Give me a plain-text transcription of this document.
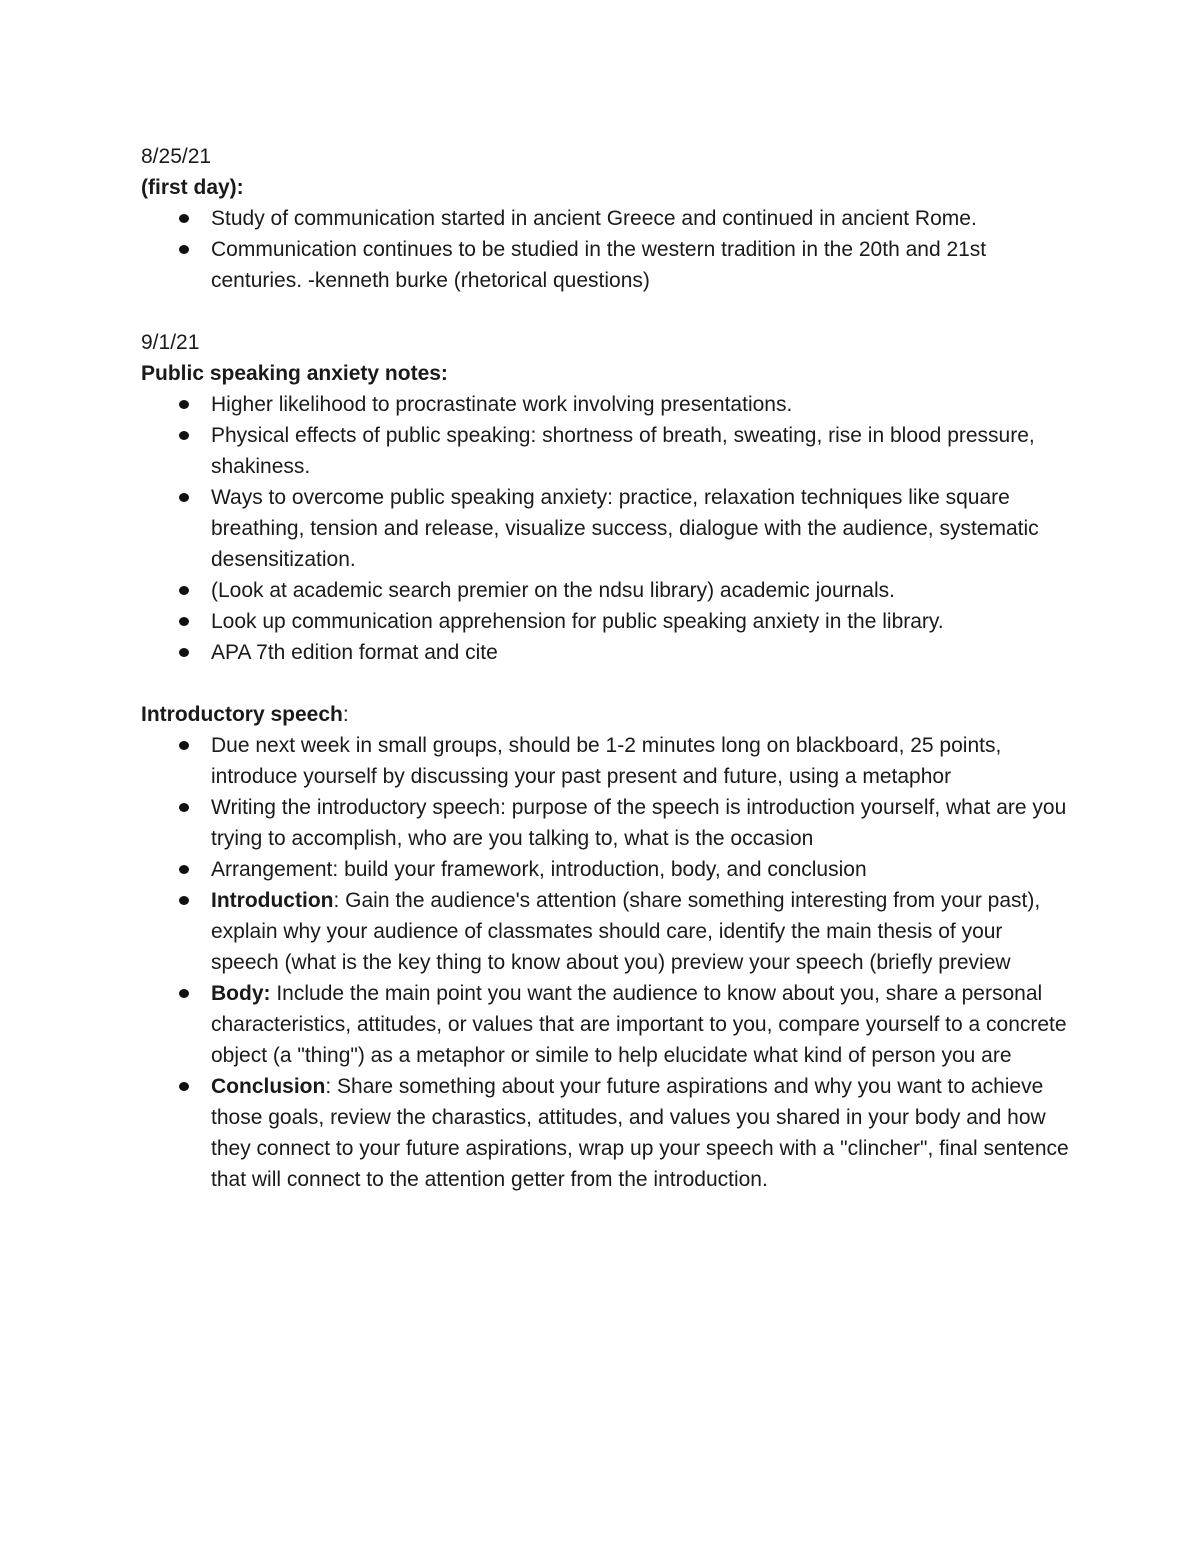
8/25/21

(first day):

Study of communication started in ancient Greece and continued in ancient Rome.
Communication continues to be studied in the western tradition in the 20th and 21st centuries. -kenneth burke (rhetorical questions)

9/1/21

Public speaking anxiety notes:

Higher likelihood to procrastinate work involving presentations.
Physical effects of public speaking: shortness of breath, sweating, rise in blood pressure, shakiness.
Ways to overcome public speaking anxiety: practice, relaxation techniques like square breathing, tension and release, visualize success, dialogue with the audience, systematic desensitization.
(Look at academic search premier on the ndsu library) academic journals.
Look up communication apprehension for public speaking anxiety in the library.
APA 7th edition format and cite

Introductory speech:

Due next week in small groups, should be 1-2 minutes long on blackboard, 25 points, introduce yourself by discussing your past present and future, using a metaphor
Writing the introductory speech: purpose of the speech is introduction yourself, what are you trying to accomplish, who are you talking to, what is the occasion
Arrangement: build your framework, introduction, body, and conclusion
Introduction: Gain the audience's attention (share something interesting from your past), explain why your audience of classmates should care, identify the main thesis of your speech (what is the key thing to know about you) preview your speech (briefly preview
Body: Include the main point you want the audience to know about you, share a personal characteristics, attitudes, or values that are important to you, compare yourself to a concrete object (a "thing") as a metaphor or simile to help elucidate what kind of person you are
Conclusion: Share something about your future aspirations and why you want to achieve those goals, review the charastics, attitudes, and values you shared in your body and how they connect to your future aspirations, wrap up your speech with a "clincher", final sentence that will connect to the attention getter from the introduction.
